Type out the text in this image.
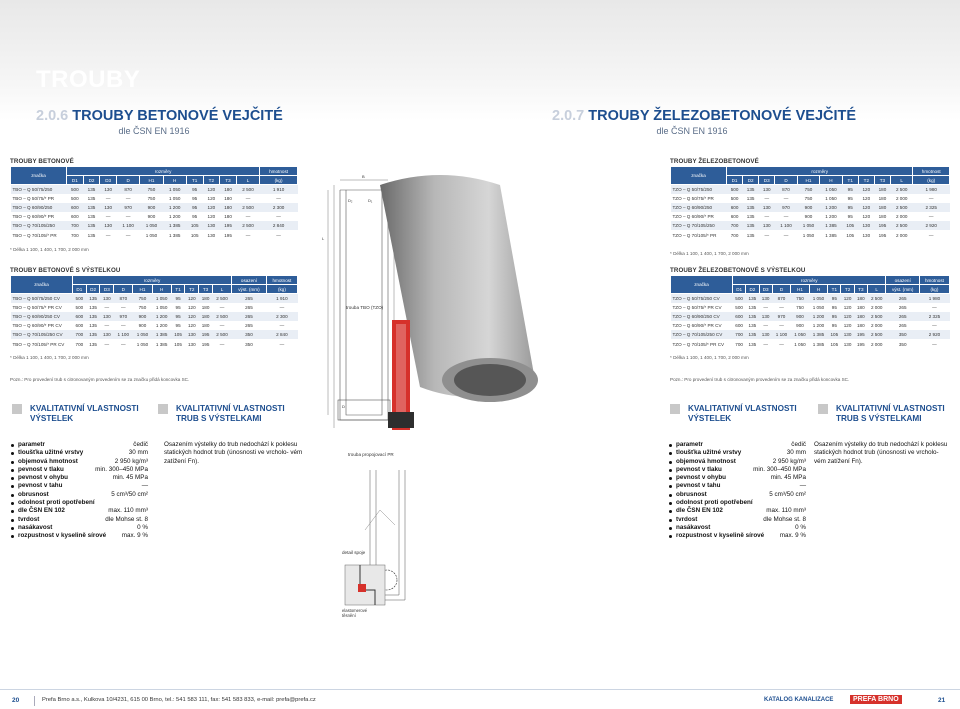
TROUBY
2.0.6 TROUBY BETONOVÉ VEJČITÉ
dle ČSN EN 1916
2.0.7 TROUBY ŽELEZOBETONOVÉ VEJČITÉ
dle ČSN EN 1916
TROUBY BETONOVÉ
značka	rozměry										hmotnost
	D1	D2	D3	D	H1	H	T1	T2	T3	L	(kg)
TBO – Q 50/75/250	500	135	130	870	750	1 050	95	120	180	2 500	1 910
TBO – Q 50/75/* PR	500	135	—	—	750	1 050	95	120	180	—	—
TBO – Q 60/90/250	600	135	130	970	900	1 200	95	120	180	2 500	2 300
TBO – Q 60/90/* PR	600	135	—	—	900	1 200	95	120	180	—	—
TBO – Q 70/105/250	700	135	130	1 100	1 050	1 385	105	130	195	2 500	2 840
TBO – Q 70/105/* PR	700	135	—	—	1 050	1 385	105	130	195	—	—
* Délka 1 100, 1 400, 1 700, 2 000 mm
TROUBY BETONOVÉ S VÝSTELKOU
značka	rozměry										osazení	hmotnost
	D1	D2	D3	D	H1	H	T1	T2	T3	L	výst. (mm)	(kg)
TBO – Q 50/75/250 CV	500	135	130	870	750	1 050	95	120	180	2 500	265	1 910
TBO – Q 50/75/* PR CV	500	135	—	—	750	1 050	95	120	180	—	265	—
TBO – Q 60/90/250 CV	600	135	130	970	900	1 200	95	120	180	2 500	265	2 300
TBO – Q 60/90/* PR CV	600	135	—	—	900	1 200	95	120	180	—	265	—
TBO – Q 70/105/250 CV	700	135	130	1 100	1 050	1 385	105	130	195	2 500	350	2 840
TBO – Q 70/105/* PR CV	700	135	—	—	1 050	1 385	105	130	195	—	350	—
* Délka 1 100, 1 400, 1 700, 2 000 mm
Pozn.: Pro provedení trub s citronovaným provedením se za značku přidá koncovka SC.
TROUBY ŽELEZOBETONOVÉ
značka	rozměry										hmotnost
	D1	D2	D3	D	H1	H	T1	T2	T3	L	(kg)
TZO – Q 50/75/250	500	135	130	870	750	1 050	95	120	180	2 500	1 980
TZO – Q 50/75/* PR	500	135	—	—	750	1 050	95	120	180	2 000	—
TZO – Q 60/90/250	600	135	130	970	900	1 200	95	120	180	2 500	2 325
TZO – Q 60/90/* PR	600	135	—	—	900	1 200	95	120	180	2 000	—
TZO – Q 70/105/250	700	135	130	1 100	1 050	1 385	105	130	195	2 500	2 920
TZO – Q 70/105/* PR	700	135	—	—	1 050	1 385	105	130	195	2 000	—
* Délka 1 100, 1 400, 1 700, 2 000 mm
TROUBY ŽELEZOBETONOVÉ S VÝSTELKOU
značka	rozměry										osazení	hmotnost
	D1	D2	D3	D	H1	H	T1	T2	T3	L	výst. (mm)	(kg)
TZO – Q 50/75/250 CV	500	135	130	870	750	1 050	95	120	180	2 500	265	1 980
TZO – Q 50/75/* PR CV	500	135	—	—	750	1 050	95	120	180	2 000	265	—
TZO – Q 60/90/250 CV	600	135	130	970	900	1 200	95	120	180	2 500	265	2 325
TZO – Q 60/90/* PR CV	600	135	—	—	900	1 200	95	120	180	2 000	265	—
TZO – Q 70/105/250 CV	700	135	130	1 100	1 050	1 385	105	130	195	2 500	350	2 920
TZO – Q 70/105/* PR CV	700	135	—	—	1 050	1 385	105	130	195	2 000	350	—
* Délka 1 100, 1 400, 1 700, 2 000 mm
Pozn.: Pro provedení trub s citronovaným provedením se za značku přidá koncovka SC.
B
L
D₂	D₁
D
trouba TBO (TZO)
trouba propojovací PR
detail spoje
elastomerové těsnění
KVALITATIVNÍ VLASTNOSTI VÝSTELEK
KVALITATIVNÍ VLASTNOSTI TRUB S VÝSTELKAMI
parametr	čedič
tloušťka užitné vrstvy	30 mm
objemová hmotnost	2 950 kg/m³
pevnost v tlaku	min. 300–450 MPa
pevnost v ohybu	min. 45 MPa
pevnost v tahu	—
obrusnost	5 cm³/50 cm²
odolnost proti opotřebení
dle ČSN EN 102	max. 110 mm³
tvrdost	dle Mohse st. 8
nasákavost	0 %
rozpustnost v kyselině sírové	max. 9 %
Osazením výstelky do trub nedochází k poklesu statických hodnot trub (únosnosti ve vrcholo- vém zatížení Fn).
KVALITATIVNÍ VLASTNOSTI VÝSTELEK
KVALITATIVNÍ VLASTNOSTI TRUB S VÝSTELKAMI
parametr	čedič
tloušťka užitné vrstvy	30 mm
objemová hmotnost	2 950 kg/m³
pevnost v tlaku	min. 300–450 MPa
pevnost v ohybu	min. 45 MPa
pevnost v tahu	—
obrusnost	5 cm³/50 cm²
odolnost proti opotřebení
dle ČSN EN 102	max. 110 mm³
tvrdost	dle Mohse st. 8
nasákavost	0 %
rozpustnost v kyselině sírové	max. 9 %
Osazením výstelky do trub nedochází k poklesu statických hodnot trub (únosnosti ve vrcholo- vém zatížení Fn).
20	Prefa Brno a.s., Kulkova 10/4231, 615 00 Brno, tel.: 541 583 111, fax: 541 583 833, e-mail: prefa@prefa.cz	KATALOG KANALIZACE	PREFA BRNO	21
